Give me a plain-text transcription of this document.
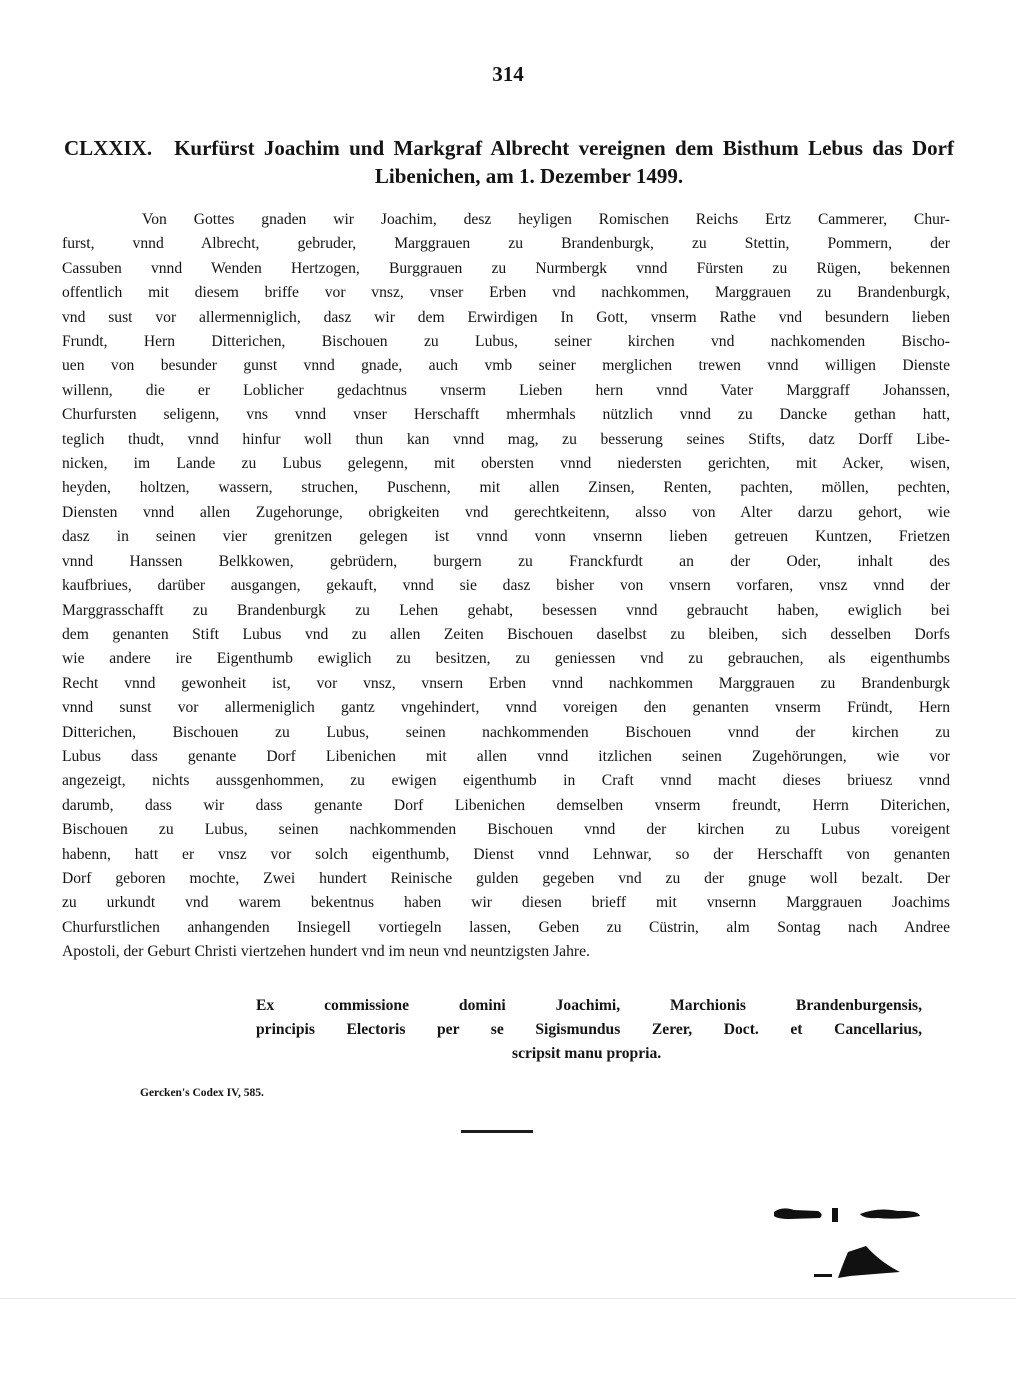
314
CLXXIX. Kurfürst Joachim und Markgraf Albrecht vereignen dem Bisthum Lebus das Dorf
Libenichen, am 1. Dezember 1499.
Von Gottes gnaden wir Joachim, desz heyligen Romischen Reichs Ertz Cammerer, Chur-
furst, vnnd Albrecht, gebruder, Marggrauen zu Brandenburgk, zu Stettin, Pommern, der
Cassuben vnnd Wenden Hertzogen, Burggrauen zu Nurmbergk vnnd Fürsten zu Rügen, bekennen
offentlich mit diesem briffe vor vnsz, vnser Erben vnd nachkommen, Marggrauen zu Brandenburgk,
vnd sust vor allermenniglich, dasz wir dem Erwirdigen In Gott, vnserm Rathe vnd besundern lieben
Frundt, Hern Ditterichen, Bischouen zu Lubus, seiner kirchen vnd nachkomenden Bischo-
uen von besunder gunst vnnd gnade, auch vmb seiner merglichen trewen vnnd willigen Dienste
willenn, die er Loblicher gedachtnus vnserm Lieben hern vnnd Vater Marggraff Johanssen,
Churfursten seligenn, vns vnnd vnser Herschafft mhermhals nützlich vnnd zu Dancke gethan hatt,
teglich thudt, vnnd hinfur woll thun kan vnnd mag, zu besserung seines Stifts, datz Dorff Libe-
nicken, im Lande zu Lubus gelegenn, mit obersten vnnd niedersten gerichten, mit Acker, wisen,
heyden, holtzen, wassern, struchen, Puschenn, mit allen Zinsen, Renten, pachten, möllen, pechten,
Diensten vnnd allen Zugehorunge, obrigkeiten vnd gerechtkeitenn, alsso von Alter darzu gehort, wie
dasz in seinen vier grenitzen gelegen ist vnnd vonn vnsernn lieben getreuen Kuntzen, Frietzen
vnnd Hanssen Belkkowen, gebrüdern, burgern zu Franckfurdt an der Oder, inhalt des
kaufbriues, darüber ausgangen, gekauft, vnnd sie dasz bisher von vnsern vorfaren, vnsz vnnd der
Marggrasschafft zu Brandenburgk zu Lehen gehabt, besessen vnnd gebraucht haben, ewiglich bei
dem genanten Stift Lubus vnd zu allen Zeiten Bischouen daselbst zu bleiben, sich desselben Dorfs
wie andere ire Eigenthumb ewiglich zu besitzen, zu geniessen vnd zu gebrauchen, als eigenthumbs
Recht vnnd gewonheit ist, vor vnsz, vnsern Erben vnnd nachkommen Marggrauen zu Brandenburgk
vnnd sunst vor allermeniglich gantz vngehindert, vnnd voreigen den genanten vnserm Fründt, Hern
Ditterichen, Bischouen zu Lubus, seinen nachkommenden Bischouen vnnd der kirchen zu
Lubus dass genante Dorf Libenichen mit allen vnnd itzlichen seinen Zugehörungen, wie vor
angezeigt, nichts aussgenhommen, zu ewigen eigenthumb in Craft vnnd macht dieses briuesz vnnd
darumb, dass wir dass genante Dorf Libenichen demselben vnserm freundt, Herrn Diterichen,
Bischouen zu Lubus, seinen nachkommenden Bischouen vnnd der kirchen zu Lubus voreigent
habenn, hatt er vnsz vor solch eigenthumb, Dienst vnnd Lehnwar, so der Herschafft von genanten
Dorf geboren mochte, Zwei hundert Reinische gulden gegeben vnd zu der gnuge woll bezalt. Der
zu urkundt vnd warem bekentnus haben wir diesen brieff mit vnsernn Marggrauen Joachims
Churfurstlichen anhangenden Insiegell vortiegeln lassen, Geben zu Cüstrin, alm Sontag nach Andree
Apostoli, der Geburt Christi viertzehen hundert vnd im neun vnd neuntzigsten Jahre.
Ex commissione domini Joachimi, Marchionis Brandenburgensis,
principis Electoris per se Sigismundus Zerer, Doct. et Cancellarius,
scripsit manu propria.
Gercken's Codex IV, 585.
